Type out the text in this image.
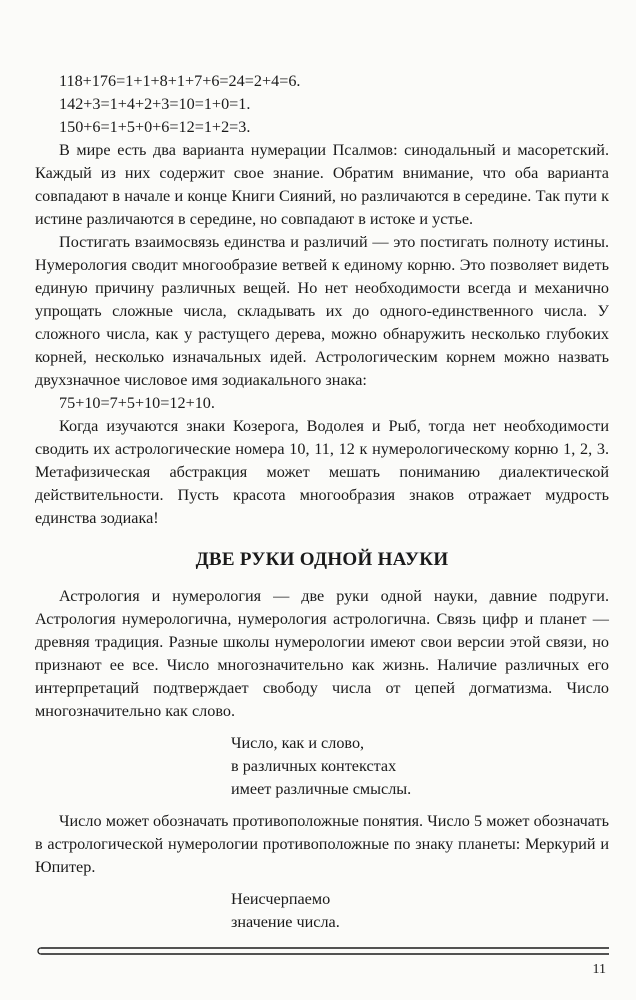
118+176=1+1+8+1+7+6=24=2+4=6.
142+3=1+4+2+3=10=1+0=1.
150+6=1+5+0+6=12=1+2=3.

В мире есть два варианта нумерации Псалмов: синодальный и масоретский. Каждый из них содержит свое знание. Обратим внимание, что оба варианта совпадают в начале и конце Книги Сияний, но различаются в середине. Так пути к истине различаются в середине, но совпадают в истоке и устье.

Постигать взаимосвязь единства и различий — это постигать полноту истины. Нумерология сводит многообразие ветвей к единому корню. Это позволяет видеть единую причину различных вещей. Но нет необходимости всегда и механично упрощать сложные числа, складывать их до одного-единственного числа. У сложного числа, как у растущего дерева, можно обнаружить несколько глубоких корней, несколько изначальных идей. Астрологическим корнем можно назвать двухзначное числовое имя зодиакального знака:

75+10=7+5+10=12+10.

Когда изучаются знаки Козерога, Водолея и Рыб, тогда нет необходимости сводить их астрологические номера 10, 11, 12 к нумерологическому корню 1, 2, 3. Метафизическая абстракция может мешать пониманию диалектической действительности. Пусть красота многообразия знаков отражает мудрость единства зодиака!

ДВЕ РУКИ ОДНОЙ НАУКИ

Астрология и нумерология — две руки одной науки, давние подруги. Астрология нумерологична, нумерология астрологична. Связь цифр и планет — древняя традиция. Разные школы нумерологии имеют свои версии этой связи, но признают ее все. Число многозначительно как жизнь. Наличие различных его интерпретаций подтверждает свободу числа от цепей догматизма. Число многозначительно как слово.

Число, как и слово,
в различных контекстах
имеет различные смыслы.

Число может обозначать противоположные понятия. Число 5 может обозначать в астрологической нумерологии противоположные по знаку планеты: Меркурий и Юпитер.

Неисчерпаемо
значение числа.
11
